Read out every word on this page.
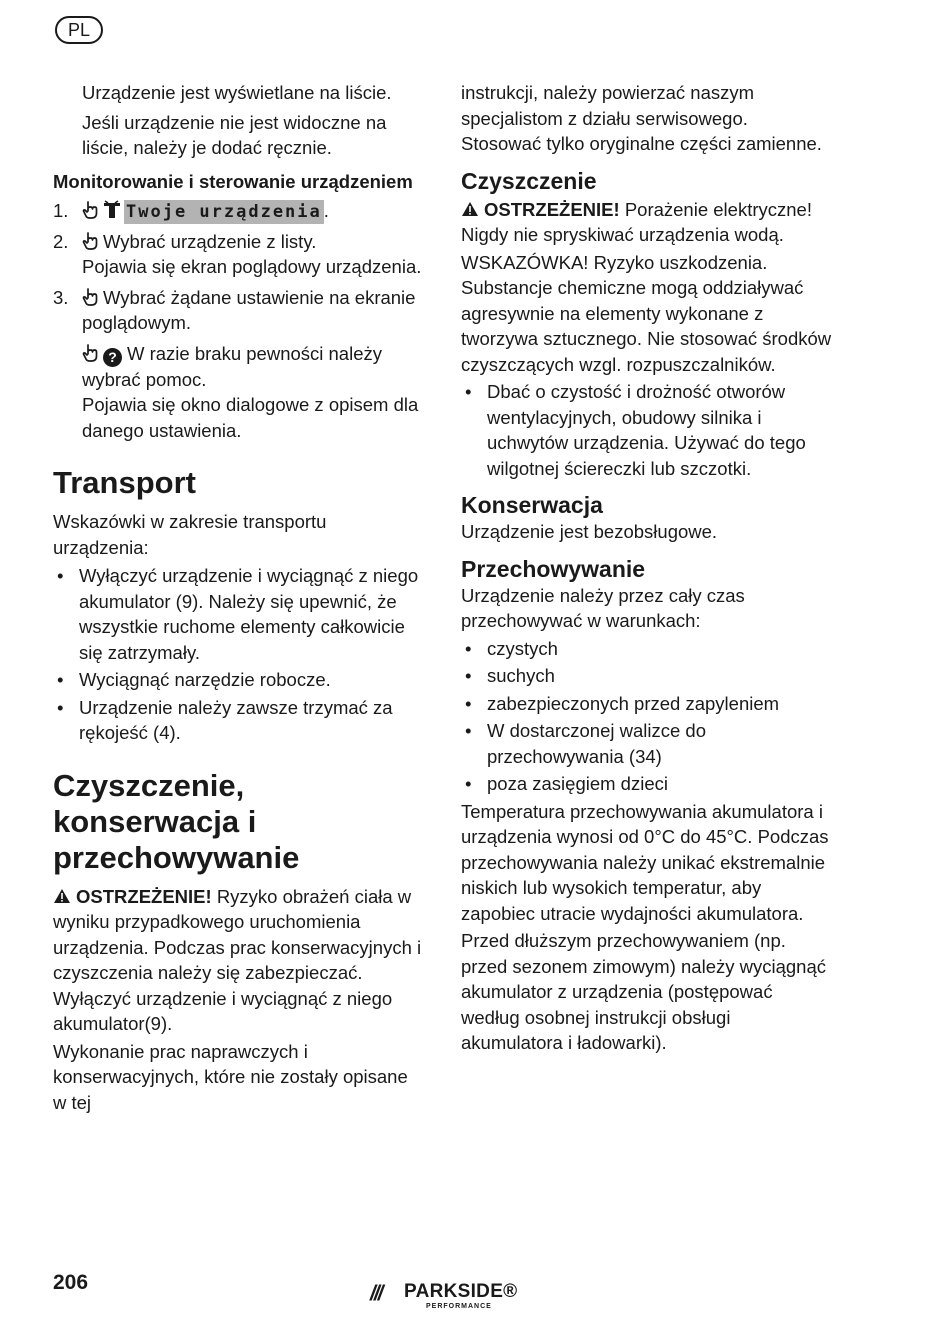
PL

Urządzenie jest wyświetlane na liście.

Jeśli urządzenie nie jest widoczne na liście, należy je dodać ręcznie.

Monitorowanie i sterowanie urządzeniem
1.	Twoje urządzenia .
2.	Wybrać urządzenie z listy.
Pojawia się ekran poglądowy urządzenia.
3.	Wybrać żądane ustawienie na ekranie poglądowym.
? W razie braku pewności należy wybrać pomoc.
Pojawia się okno dialogowe z opisem dla danego ustawienia.
Transport

Wskazówki w zakresie transportu urządzenia:

• Wyłączyć urządzenie i wyciągnąć z niego akumulator (9). Należy się upewnić, że wszystkie ruchome elementy całkowicie się zatrzymały.
• Wyciągnąć narzędzie robocze.
• Urządzenie należy zawsze trzymać za rękojeść (4).
Czyszczenie, konserwacja i przechowywanie

OSTRZEŻENIE! Ryzyko obrażeń ciała w wyniku przypadkowego uruchomienia urządzenia. Podczas prac konserwacyjnych i czyszczenia należy się zabezpieczać. Wyłączyć urządzenie i wyciągnąć z niego akumulator(9).

Wykonanie prac naprawczych i konserwacyjnych, które nie zostały opisane w tej

instrukcji, należy powierzać naszym specjalistom z działu serwisowego. Stosować tylko oryginalne części zamienne.

Czyszczenie

OSTRZEŻENIE! Porażenie elektryczne! Nigdy nie spryskiwać urządzenia wodą.

WSKAZÓWKA! Ryzyko uszkodzenia. Substancje chemiczne mogą oddziaływać agresywnie na elementy wykonane z tworzywa sztucznego. Nie stosować środków czyszczących wzgl. rozpuszczalników.

• Dbać o czystość i drożność otworów wentylacyjnych, obudowy silnika i uchwytów urządzenia. Używać do tego wilgotnej ściereczki lub szczotki.
Konserwacja

Urządzenie jest bezobsługowe.

Przechowywanie

Urządzenie należy przez cały czas przechowywać w warunkach:

• czystych
• suchych
• zabezpieczonych przed zapyleniem
• W dostarczonej walizce do przechowywania (34)
• poza zasięgiem dzieci

Temperatura przechowywania akumulatora i urządzenia wynosi od 0°C do 45°C. Podczas przechowywania należy unikać ekstremalnie niskich lub wysokich temperatur, aby zapobiec utracie wydajności akumulatora.

Przed dłuższym przechowywaniem (np. przed sezonem zimowym) należy wyciągnąć akumulator z urządzenia (postępować według osobnej instrukcji obsługi akumulatora i ładowarki).

206	/// PARKSIDE®
PERFORMANCE
